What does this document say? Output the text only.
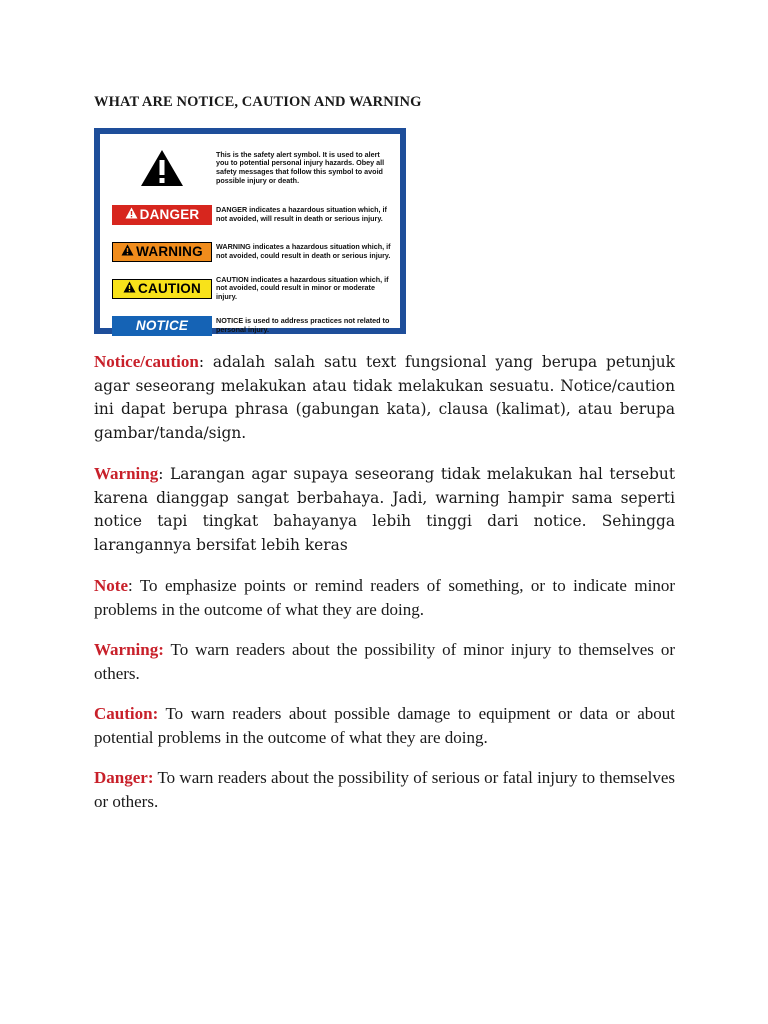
WHAT ARE NOTICE, CAUTION AND WARNING
This is the safety alert symbol. It is used to alert you to potential personal injury hazards. Obey all safety messages that follow this symbol to avoid possible injury or death.
DANGER DANGER indicates a hazardous situation which, if not avoided, will result in death or serious injury.
WARNING WARNING indicates a hazardous situation which, if not avoided, could result in death or serious injury.
CAUTION
CAUTION indicates a hazardous situation which, if not avoided, could result in minor or moderate injury.
NOTICE	NOTICE is used to address practices not related to personal injury.

Notice/caution: adalah salah satu text fungsional yang berupa petunjuk agar seseorang melakukan atau tidak melakukan sesuatu. Notice/caution ini dapat berupa phrasa (gabungan kata), clausa (kalimat), atau berupa gambar/tanda/sign.

Warning: Larangan agar supaya seseorang tidak melakukan hal tersebut karena dianggap sangat berbahaya. Jadi, warning hampir sama seperti notice tapi tingkat bahayanya lebih tinggi dari notice. Sehingga larangannya bersifat lebih keras

Note: To emphasize points or remind readers of something, or to indicate minor problems in the outcome of what they are doing.

Warning: To warn readers about the possibility of minor injury to themselves or others.

Caution: To warn readers about possible damage to equipment or data or about potential problems in the outcome of what they are doing.

Danger: To warn readers about the possibility of serious or fatal injury to themselves or others.
